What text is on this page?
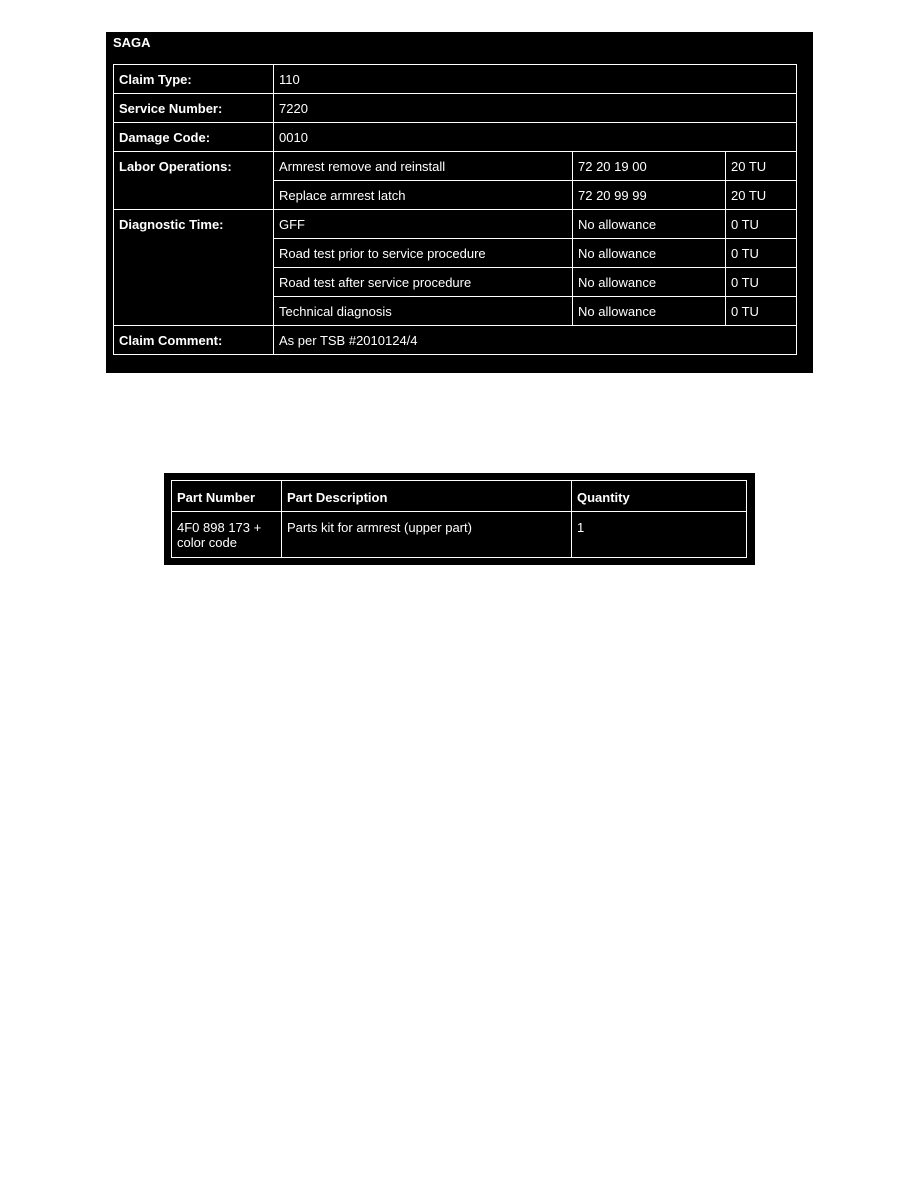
SAGA
Claim Type:	110		
Service Number:	7220		
Damage Code:	0010		
Labor Operations:	Armrest remove and reinstall	72 20 19 00	20 TU
	Replace armrest latch	72 20 99 99	20 TU
Diagnostic Time:	GFF	No allowance	0 TU
	Road test prior to service procedure	No allowance	0 TU
	Road test after service procedure	No allowance	0 TU
	Technical diagnosis	No allowance	0 TU
Claim Comment:	As per TSB #2010124/4		
Part Number	Part Description	Quantity

4F0 898 173 +
color code	Parts kit for armrest (upper part)	1
